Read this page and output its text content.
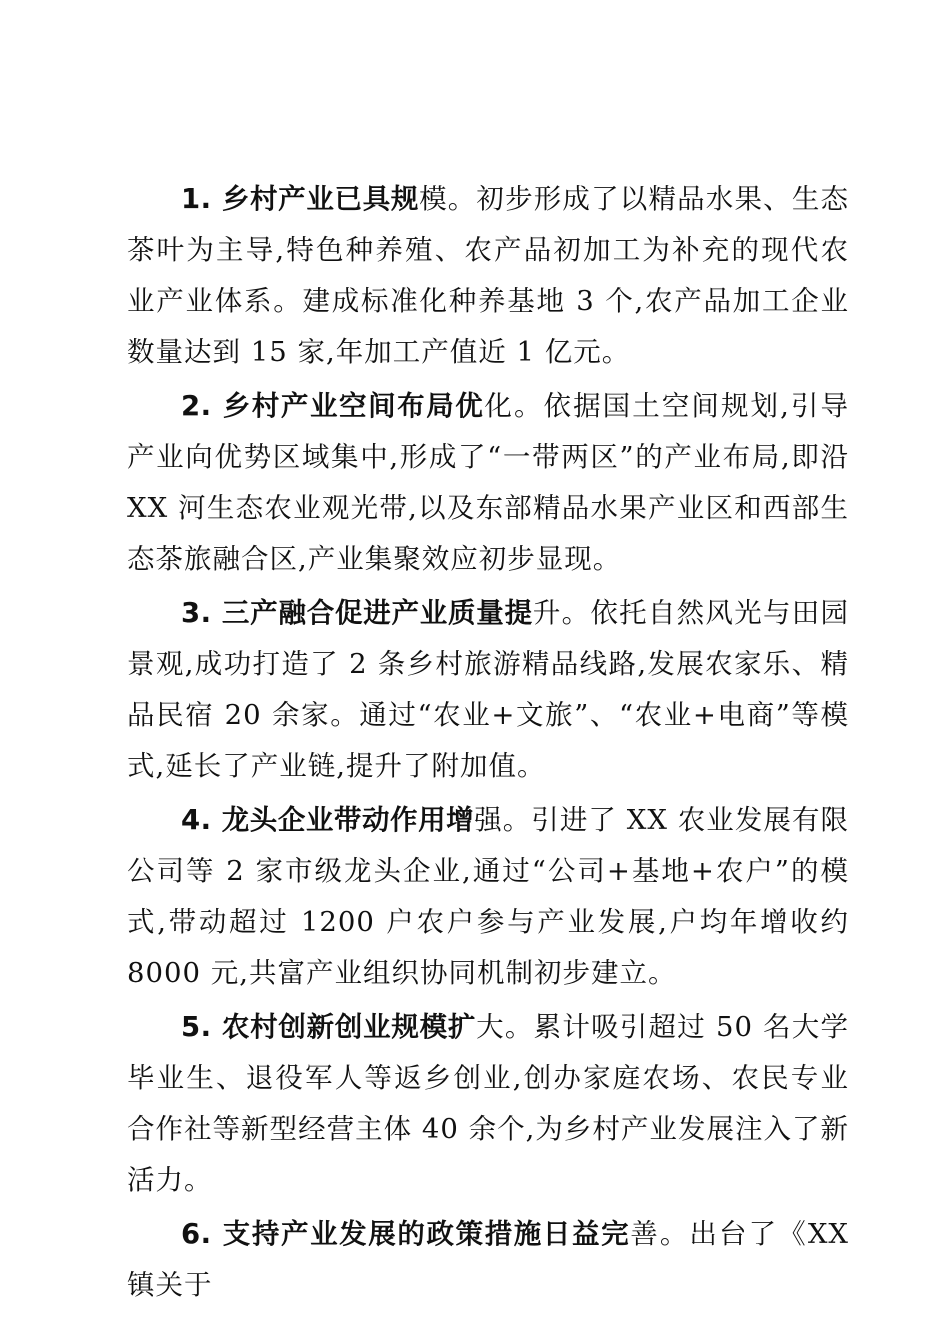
1. 乡村产业已具规模。初步形成了以精品水果、生态茶叶为主导,特色种养殖、农产品初加工为补充的现代农业产业体系。建成标准化种养基地 3 个,农产品加工企业数量达到 15 家,年加工产值近 1 亿元。

2. 乡村产业空间布局优化。依据国土空间规划,引导产业向优势区域集中,形成了“一带两区”的产业布局,即沿 XX 河生态农业观光带,以及东部精品水果产业区和西部生态茶旅融合区,产业集聚效应初步显现。

3. 三产融合促进产业质量提升。依托自然风光与田园景观,成功打造了 2 条乡村旅游精品线路,发展农家乐、精品民宿 20 余家。通过“农业+文旅”、“农业+电商”等模式,延长了产业链,提升了附加值。

4. 龙头企业带动作用增强。引进了 XX 农业发展有限公司等 2 家市级龙头企业,通过“公司+基地+农户”的模式,带动超过 1200 户农户参与产业发展,户均年增收约 8000 元,共富产业组织协同机制初步建立。

5. 农村创新创业规模扩大。累计吸引超过 50 名大学毕业生、退役军人等返乡创业,创办家庭农场、农民专业合作社等新型经营主体 40 余个,为乡村产业发展注入了新活力。

6. 支持产业发展的政策措施日益完善。出台了《XX 镇关于
